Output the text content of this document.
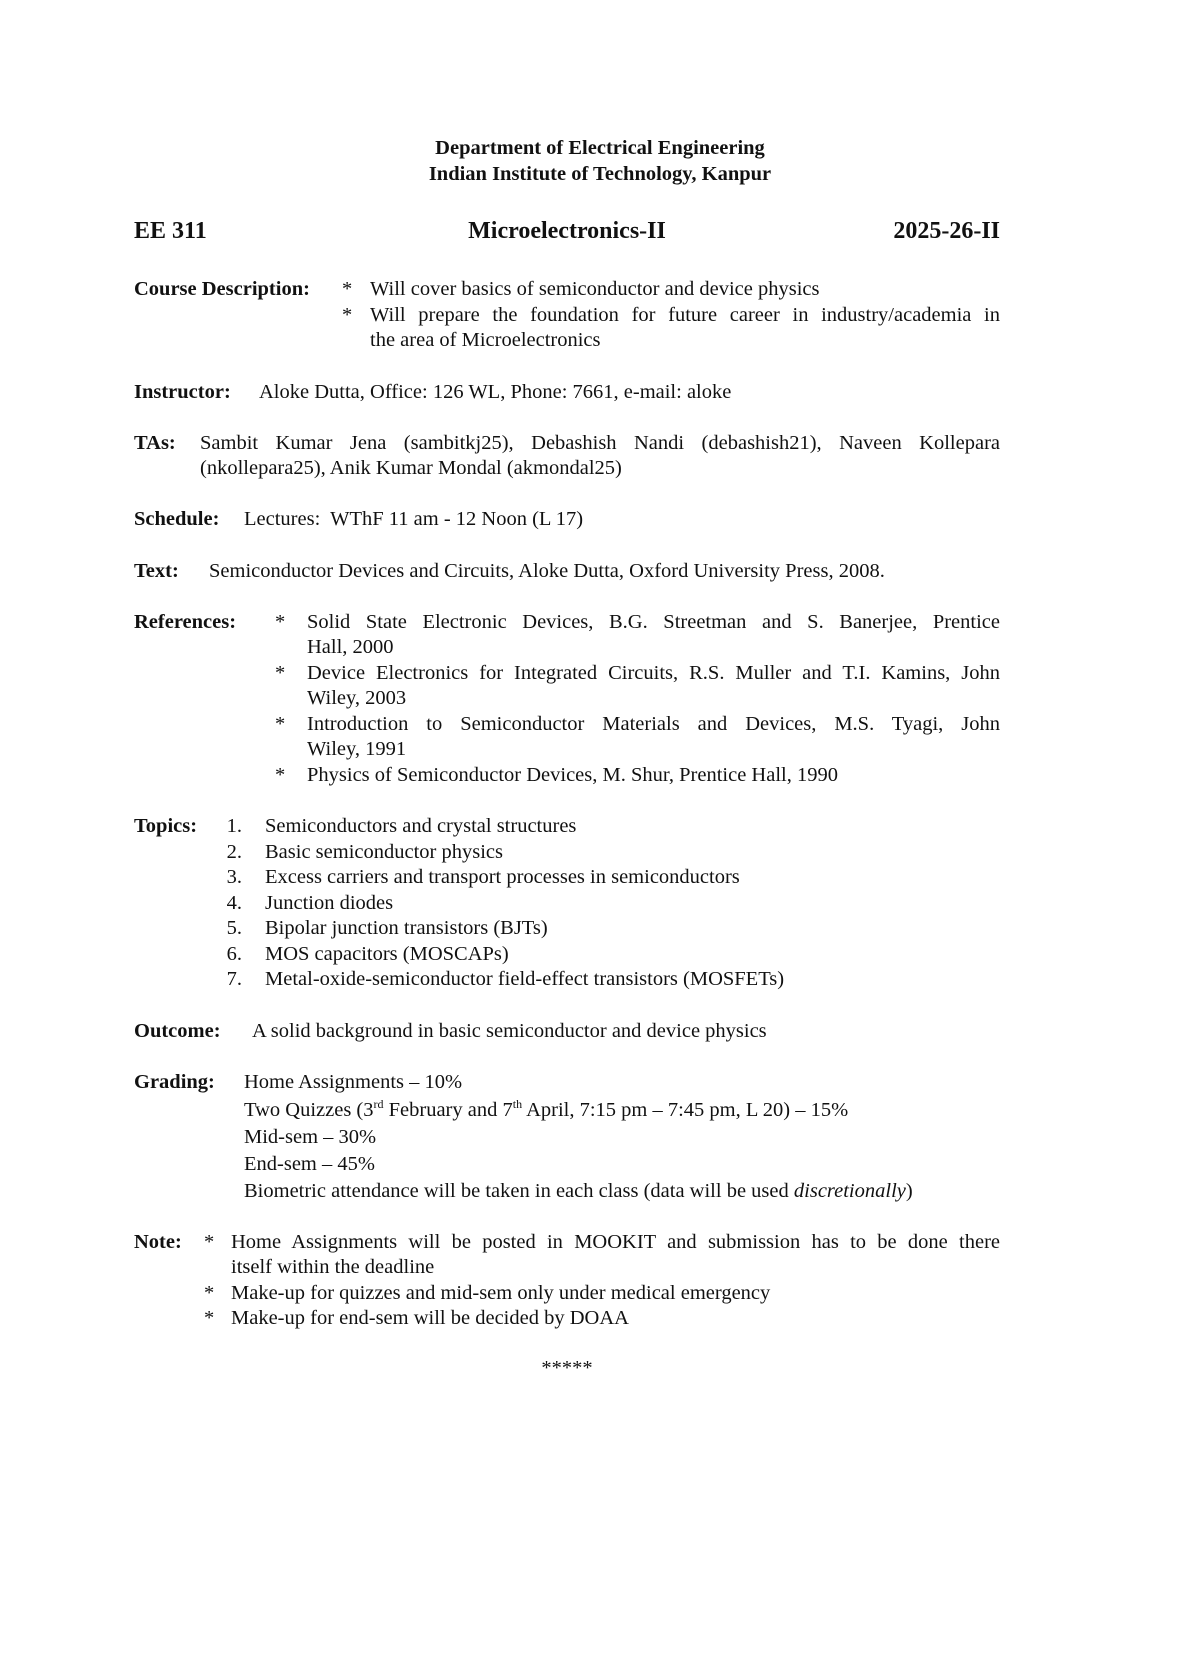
Department of Electrical Engineering
Indian Institute of Technology, Kanpur
EE 311	Microelectronics-II	2025-26-II
Course Description: * Will cover basics of semiconductor and device physics
* Will prepare the foundation for future career in industry/academia in
the area of Microelectronics
Instructor: Aloke Dutta, Office: 126 WL, Phone: 7661, e-mail: aloke
TAs: Sambit Kumar Jena (sambitkj25), Debashish Nandi (debashish21), Naveen Kollepara
(nkollepara25), Anik Kumar Mondal (akmondal25)
Schedule: Lectures:  WThF 11 am - 12 Noon (L 17)
Text: Semiconductor Devices and Circuits, Aloke Dutta, Oxford University Press, 2008.
References: * Solid State Electronic Devices, B.G. Streetman and S. Banerjee, Prentice
Hall, 2000
* Device Electronics for Integrated Circuits, R.S. Muller and T.I. Kamins, John
Wiley, 2003
* Introduction to Semiconductor Materials and Devices, M.S. Tyagi, John
Wiley, 1991
* Physics of Semiconductor Devices, M. Shur, Prentice Hall, 1990
Topics:	1. Semiconductors and crystal structures
2. Basic semiconductor physics
3. Excess carriers and transport processes in semiconductors
4. Junction diodes
5. Bipolar junction transistors (BJTs)
6. MOS capacitors (MOSCAPs)
7. Metal-oxide-semiconductor field-effect transistors (MOSFETs)
Outcome: A solid background in basic semiconductor and device physics
Grading: Home Assignments – 10%
Two Quizzes (3rd February and 7th April, 7:15 pm – 7:45 pm, L 20) – 15%
Mid-sem – 30%
End-sem – 45%
Biometric attendance will be taken in each class (data will be used discretionally)
Note: * Home Assignments will be posted in MOOKIT and submission has to be done there
itself within the deadline
* Make-up for quizzes and mid-sem only under medical emergency
* Make-up for end-sem will be decided by DOAA
*****
